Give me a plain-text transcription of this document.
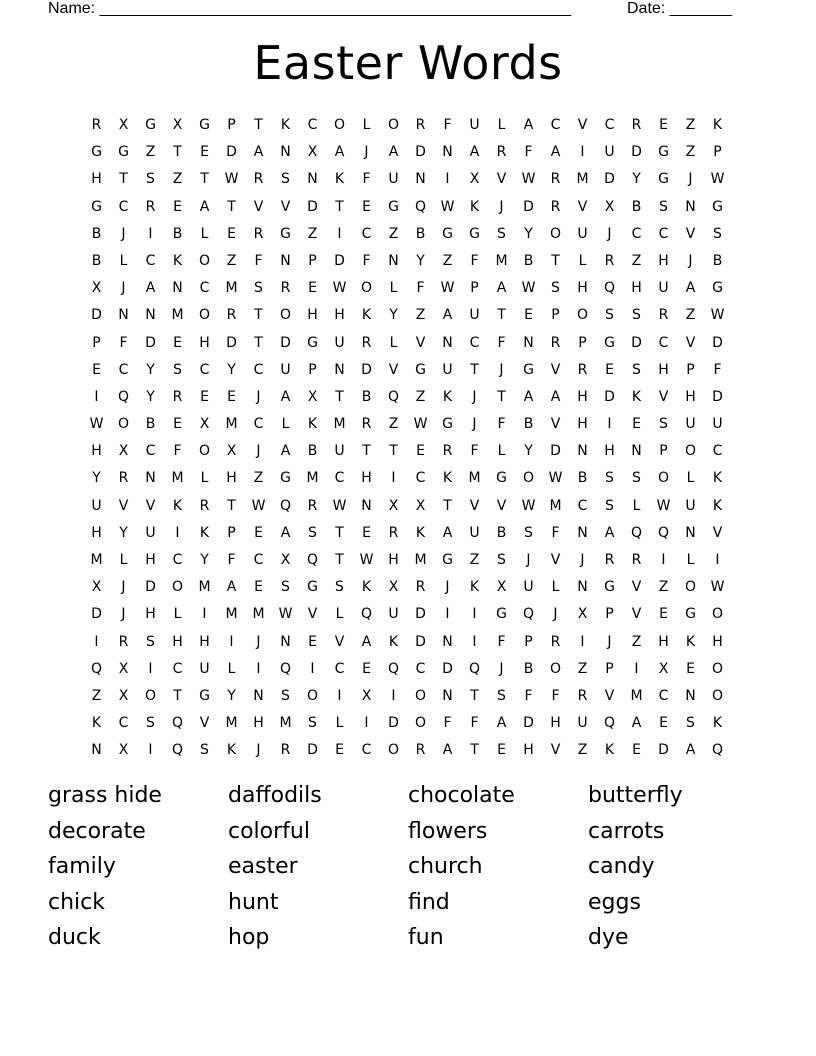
Name: _____________________________________________________	Date: _______
Easter Words
R	X	G	X	G	P	T	K	C	O	L	O	R	F	U	L	A	C	V	C	R	E	Z	K
G	G	Z	T	E	D	A	N	X	A	J	A	D	N	A	R	F	A	I	U	D	G	Z	P
H	T	S	Z	T	W	R	S	N	K	F	U	N	I	X	V	W	R	M	D	Y	G	J	W
G	C	R	E	A	T	V	V	D	T	E	G	Q	W	K	J	D	R	V	X	B	S	N	G
B	J	I	B	L	E	R	G	Z	I	C	Z	B	G	G	S	Y	O	U	J	C	C	V	S
B	L	C	K	O	Z	F	N	P	D	F	N	Y	Z	F	M	B	T	L	R	Z	H	J	B
X	J	A	N	C	M	S	R	E	W	O	L	F	W	P	A	W	S	H	Q	H	U	A	G
D	N	N	M	O	R	T	O	H	H	K	Y	Z	A	U	T	E	P	O	S	S	R	Z	W
P	F	D	E	H	D	T	D	G	U	R	L	V	N	C	F	N	R	P	G	D	C	V	D
E	C	Y	S	C	Y	C	U	P	N	D	V	G	U	T	J	G	V	R	E	S	H	P	F
I	Q	Y	R	E	E	J	A	X	T	B	Q	Z	K	J	T	A	A	H	D	K	V	H	D
W	O	B	E	X	M	C	L	K	M	R	Z	W	G	J	F	B	V	H	I	E	S	U	U
H	X	C	F	O	X	J	A	B	U	T	T	E	R	F	L	Y	D	N	H	N	P	O	C
Y	R	N	M	L	H	Z	G	M	C	H	I	C	K	M	G	O	W	B	S	S	O	L	K
U	V	V	K	R	T	W	Q	R	W	N	X	X	T	V	V	W	M	C	S	L	W	U	K
H	Y	U	I	K	P	E	A	S	T	E	R	K	A	U	B	S	F	N	A	Q	Q	N	V
M	L	H	C	Y	F	C	X	Q	T	W	H	M	G	Z	S	J	V	J	R	R	I	L	I
X	J	D	O	M	A	E	S	G	S	K	X	R	J	K	X	U	L	N	G	V	Z	O	W
D	J	H	L	I	M	M	W	V	L	Q	U	D	I	I	G	Q	J	X	P	V	E	G	O
I	R	S	H	H	I	J	N	E	V	A	K	D	N	I	F	P	R	I	J	Z	H	K	H
Q	X	I	C	U	L	I	Q	I	C	E	Q	C	D	Q	J	B	O	Z	P	I	X	E	O
Z	X	O	T	G	Y	N	S	O	I	X	I	O	N	T	S	F	F	R	V	M	C	N	O
K	C	S	Q	V	M	H	M	S	L	I	D	O	F	F	A	D	H	U	Q	A	E	S	K
N	X	I	Q	S	K	J	R	D	E	C	O	R	A	T	E	H	V	Z	K	E	D	A	Q
grass hide	daffodils	chocolate	butterfly
decorate	colorful	flowers	carrots
family	easter	church	candy
chick	hunt	find	eggs
duck	hop	fun	dye
